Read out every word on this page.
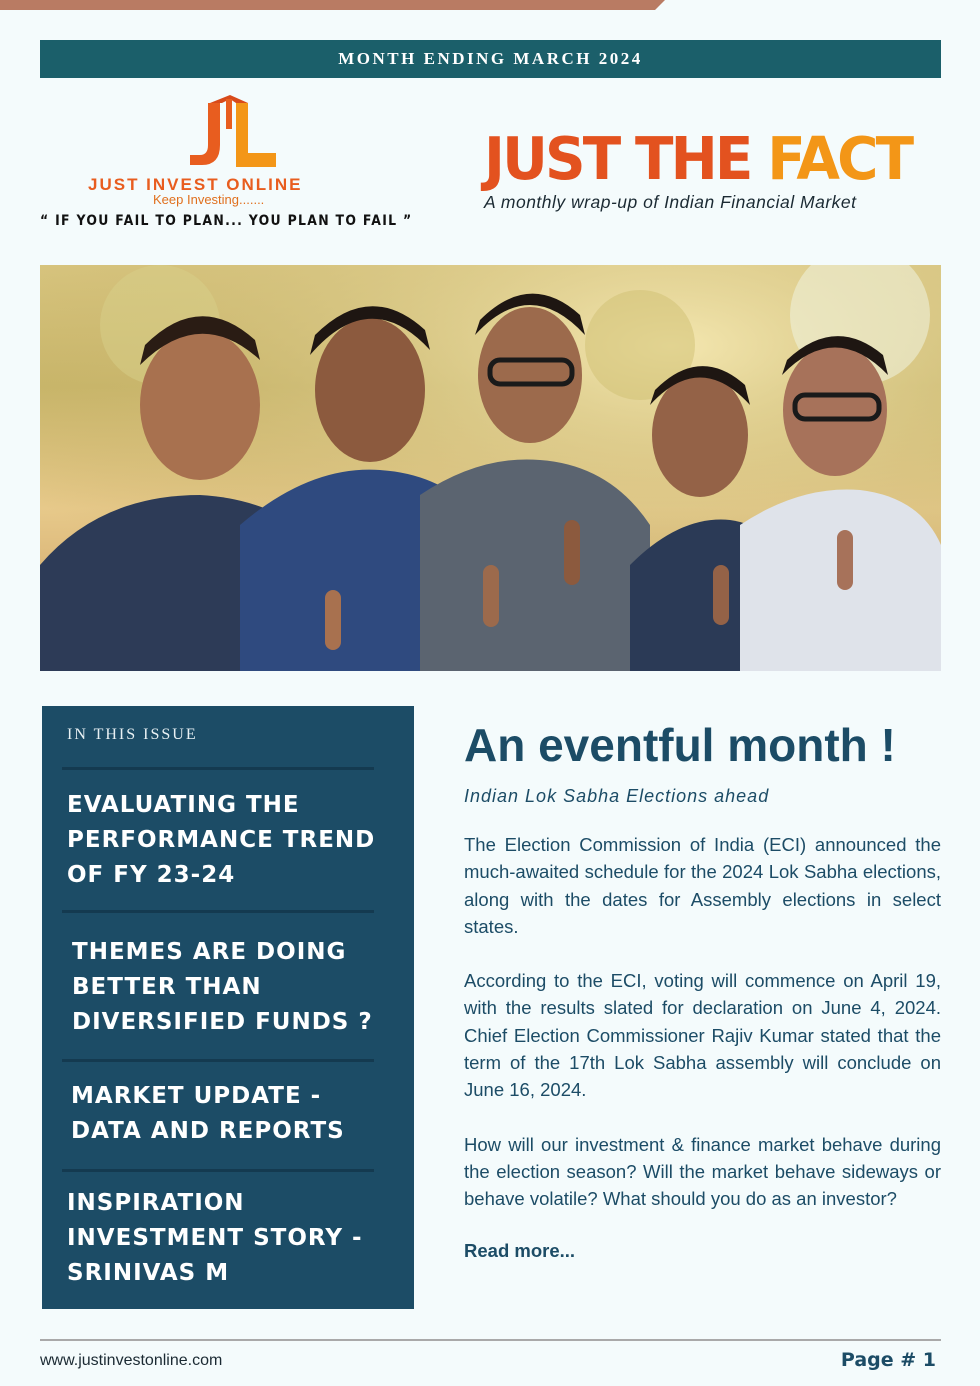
MONTH ENDING MARCH 2024
JUST INVEST ONLINE
Keep Investing.......
“ IF YOU FAIL TO PLAN... YOU PLAN TO FAIL ”
JUST THE FACT
A monthly wrap-up of Indian Financial Market
IN THIS ISSUE
EVALUATING THE PERFORMANCE TREND OF FY 23-24
THEMES ARE DOING BETTER THAN DIVERSIFIED FUNDS ?
MARKET UPDATE - DATA AND REPORTS
INSPIRATION INVESTMENT STORY - SRINIVAS M
An eventful month !
Indian Lok Sabha Elections ahead

The Election Commission of India (ECI) announced the much-awaited schedule for the 2024 Lok Sabha elections, along with the dates for Assembly elections in select states.

According to the ECI, voting will commence on April 19, with the results slated for declaration on June 4, 2024. Chief Election Commissioner Rajiv Kumar stated that the term of the 17th Lok Sabha assembly will conclude on June 16, 2024.

How will our investment & finance market behave during the election season? Will the market behave sideways or behave volatile? What should you do as an investor?

Read more...
www.justinvestonline.com	Page # 1
